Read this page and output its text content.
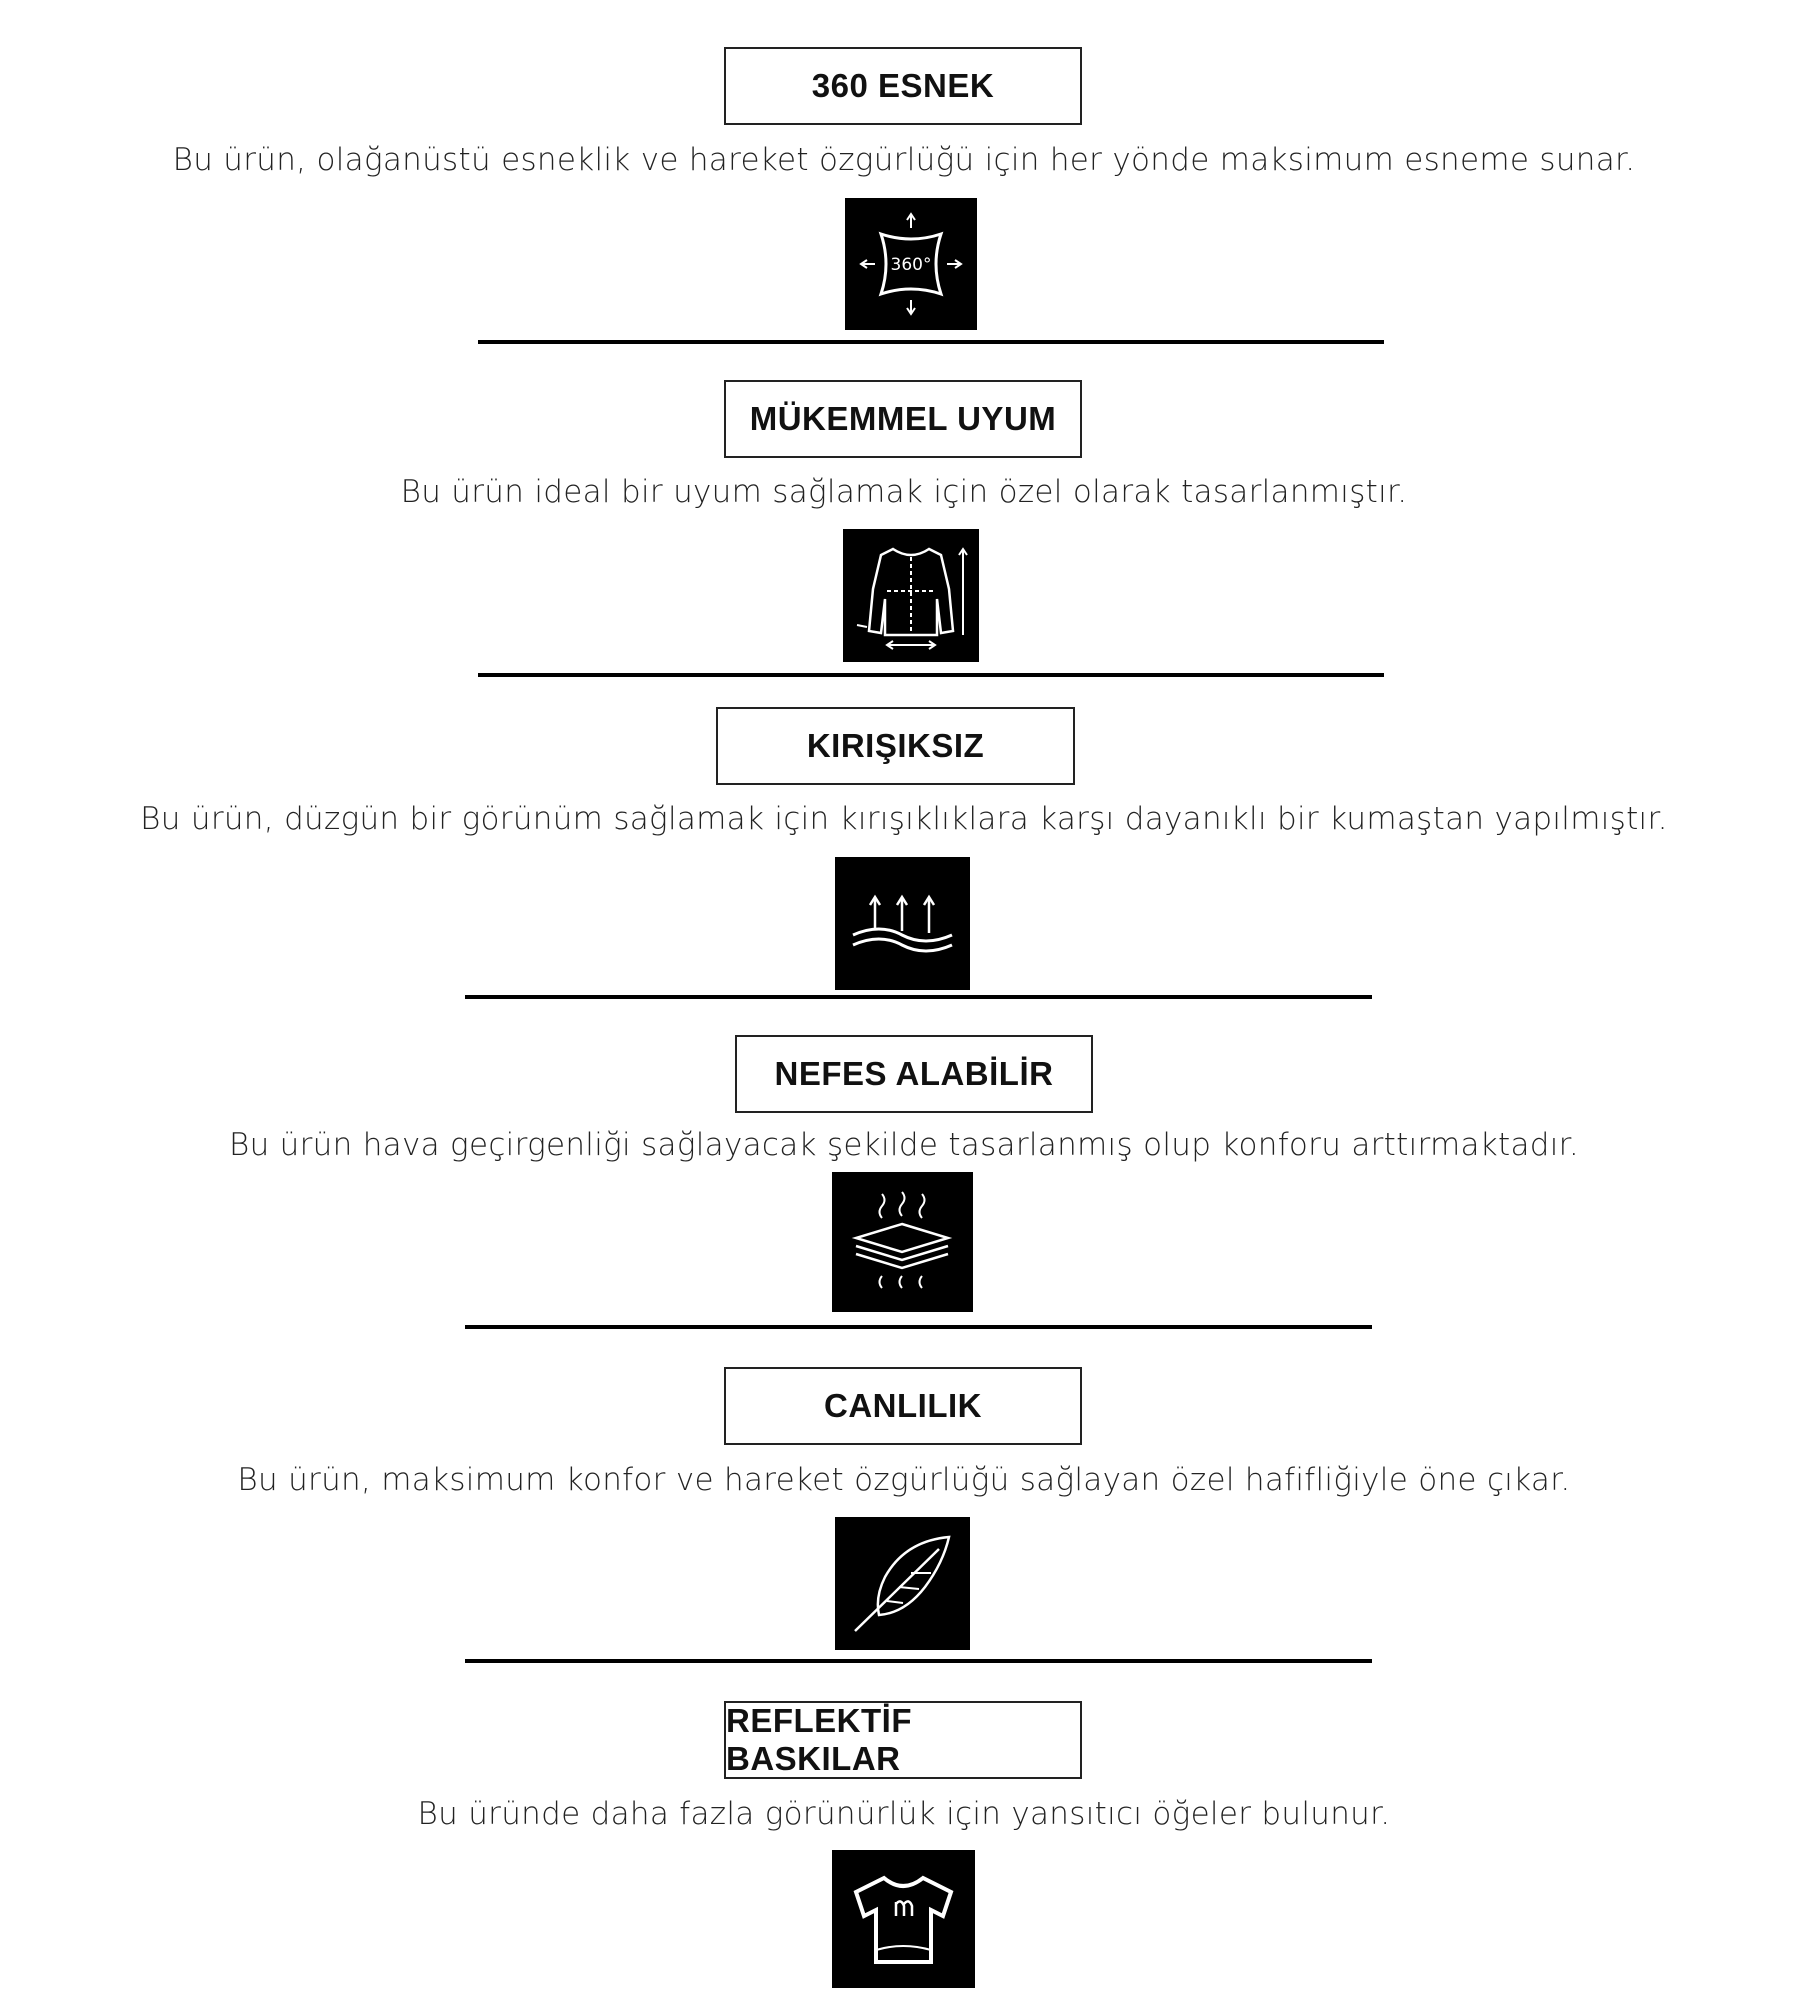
360 ESNEK
Bu ürün, olağanüstü esneklik ve hareket özgürlüğü için her yönde maksimum esneme sunar.
360°
MÜKEMMEL UYUM
Bu ürün ideal bir uyum sağlamak için özel olarak tasarlanmıştır.
KIRIŞIKSIZ
Bu ürün, düzgün bir görünüm sağlamak için kırışıklıklara karşı dayanıklı bir kumaştan yapılmıştır.
NEFES ALABİLİR
Bu ürün hava geçirgenliği sağlayacak şekilde tasarlanmış olup konforu arttırmaktadır.
CANLILIK
Bu ürün, maksimum konfor ve hareket özgürlüğü sağlayan özel hafifliğiyle öne çıkar.
REFLEKTİF BASKILAR
Bu üründe daha fazla görünürlük için yansıtıcı öğeler bulunur.
